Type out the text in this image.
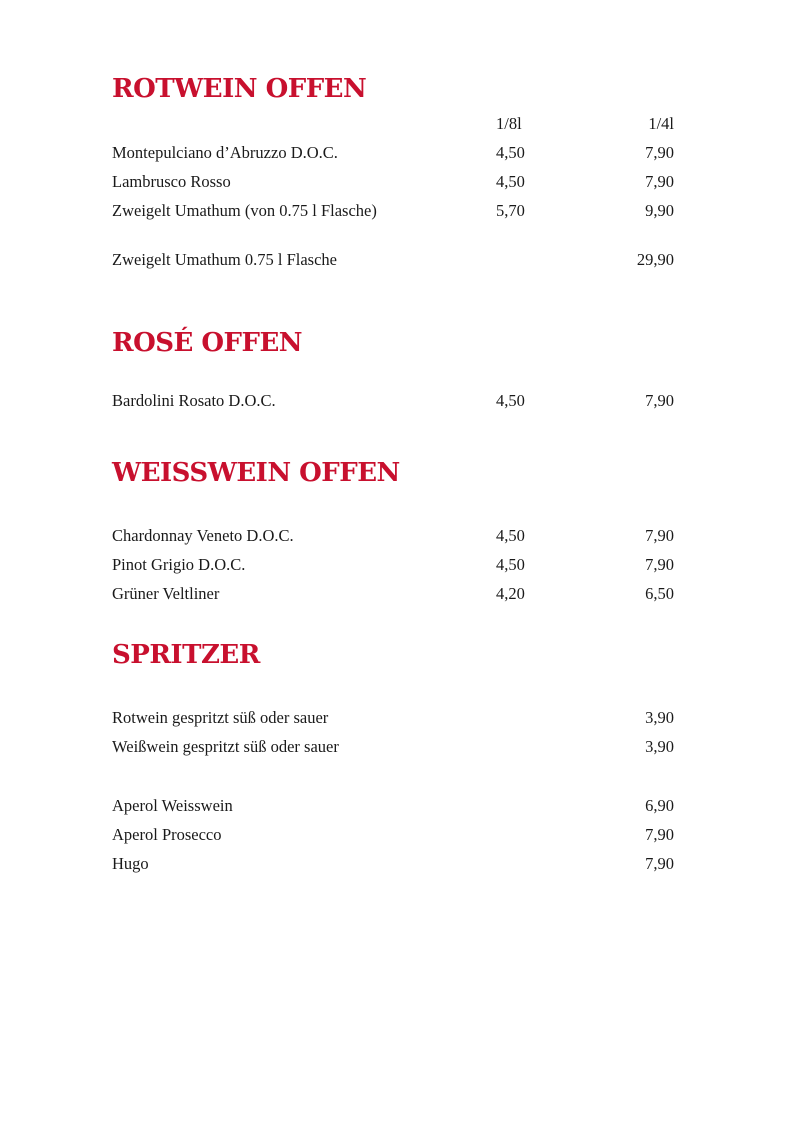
ROTWEIN OFFEN
1/8l	1/4l
Montepulciano d’Abruzzo D.O.C.	4,50	7,90
Lambrusco Rosso	4,50	7,90
Zweigelt Umathum (von 0.75 l Flasche)	5,70	9,90
Zweigelt Umathum 0.75 l Flasche	29,90
ROSÉ OFFEN
Bardolini Rosato D.O.C.	4,50	7,90
WEISSWEIN OFFEN
Chardonnay Veneto D.O.C.	4,50	7,90
Pinot Grigio D.O.C.	4,50	7,90
Grüner Veltliner	4,20	6,50
SPRITZER
Rotwein gespritzt süß oder sauer	3,90
Weißwein gespritzt süß oder sauer	3,90
Aperol Weisswein	6,90
Aperol Prosecco	7,90
Hugo	7,90
